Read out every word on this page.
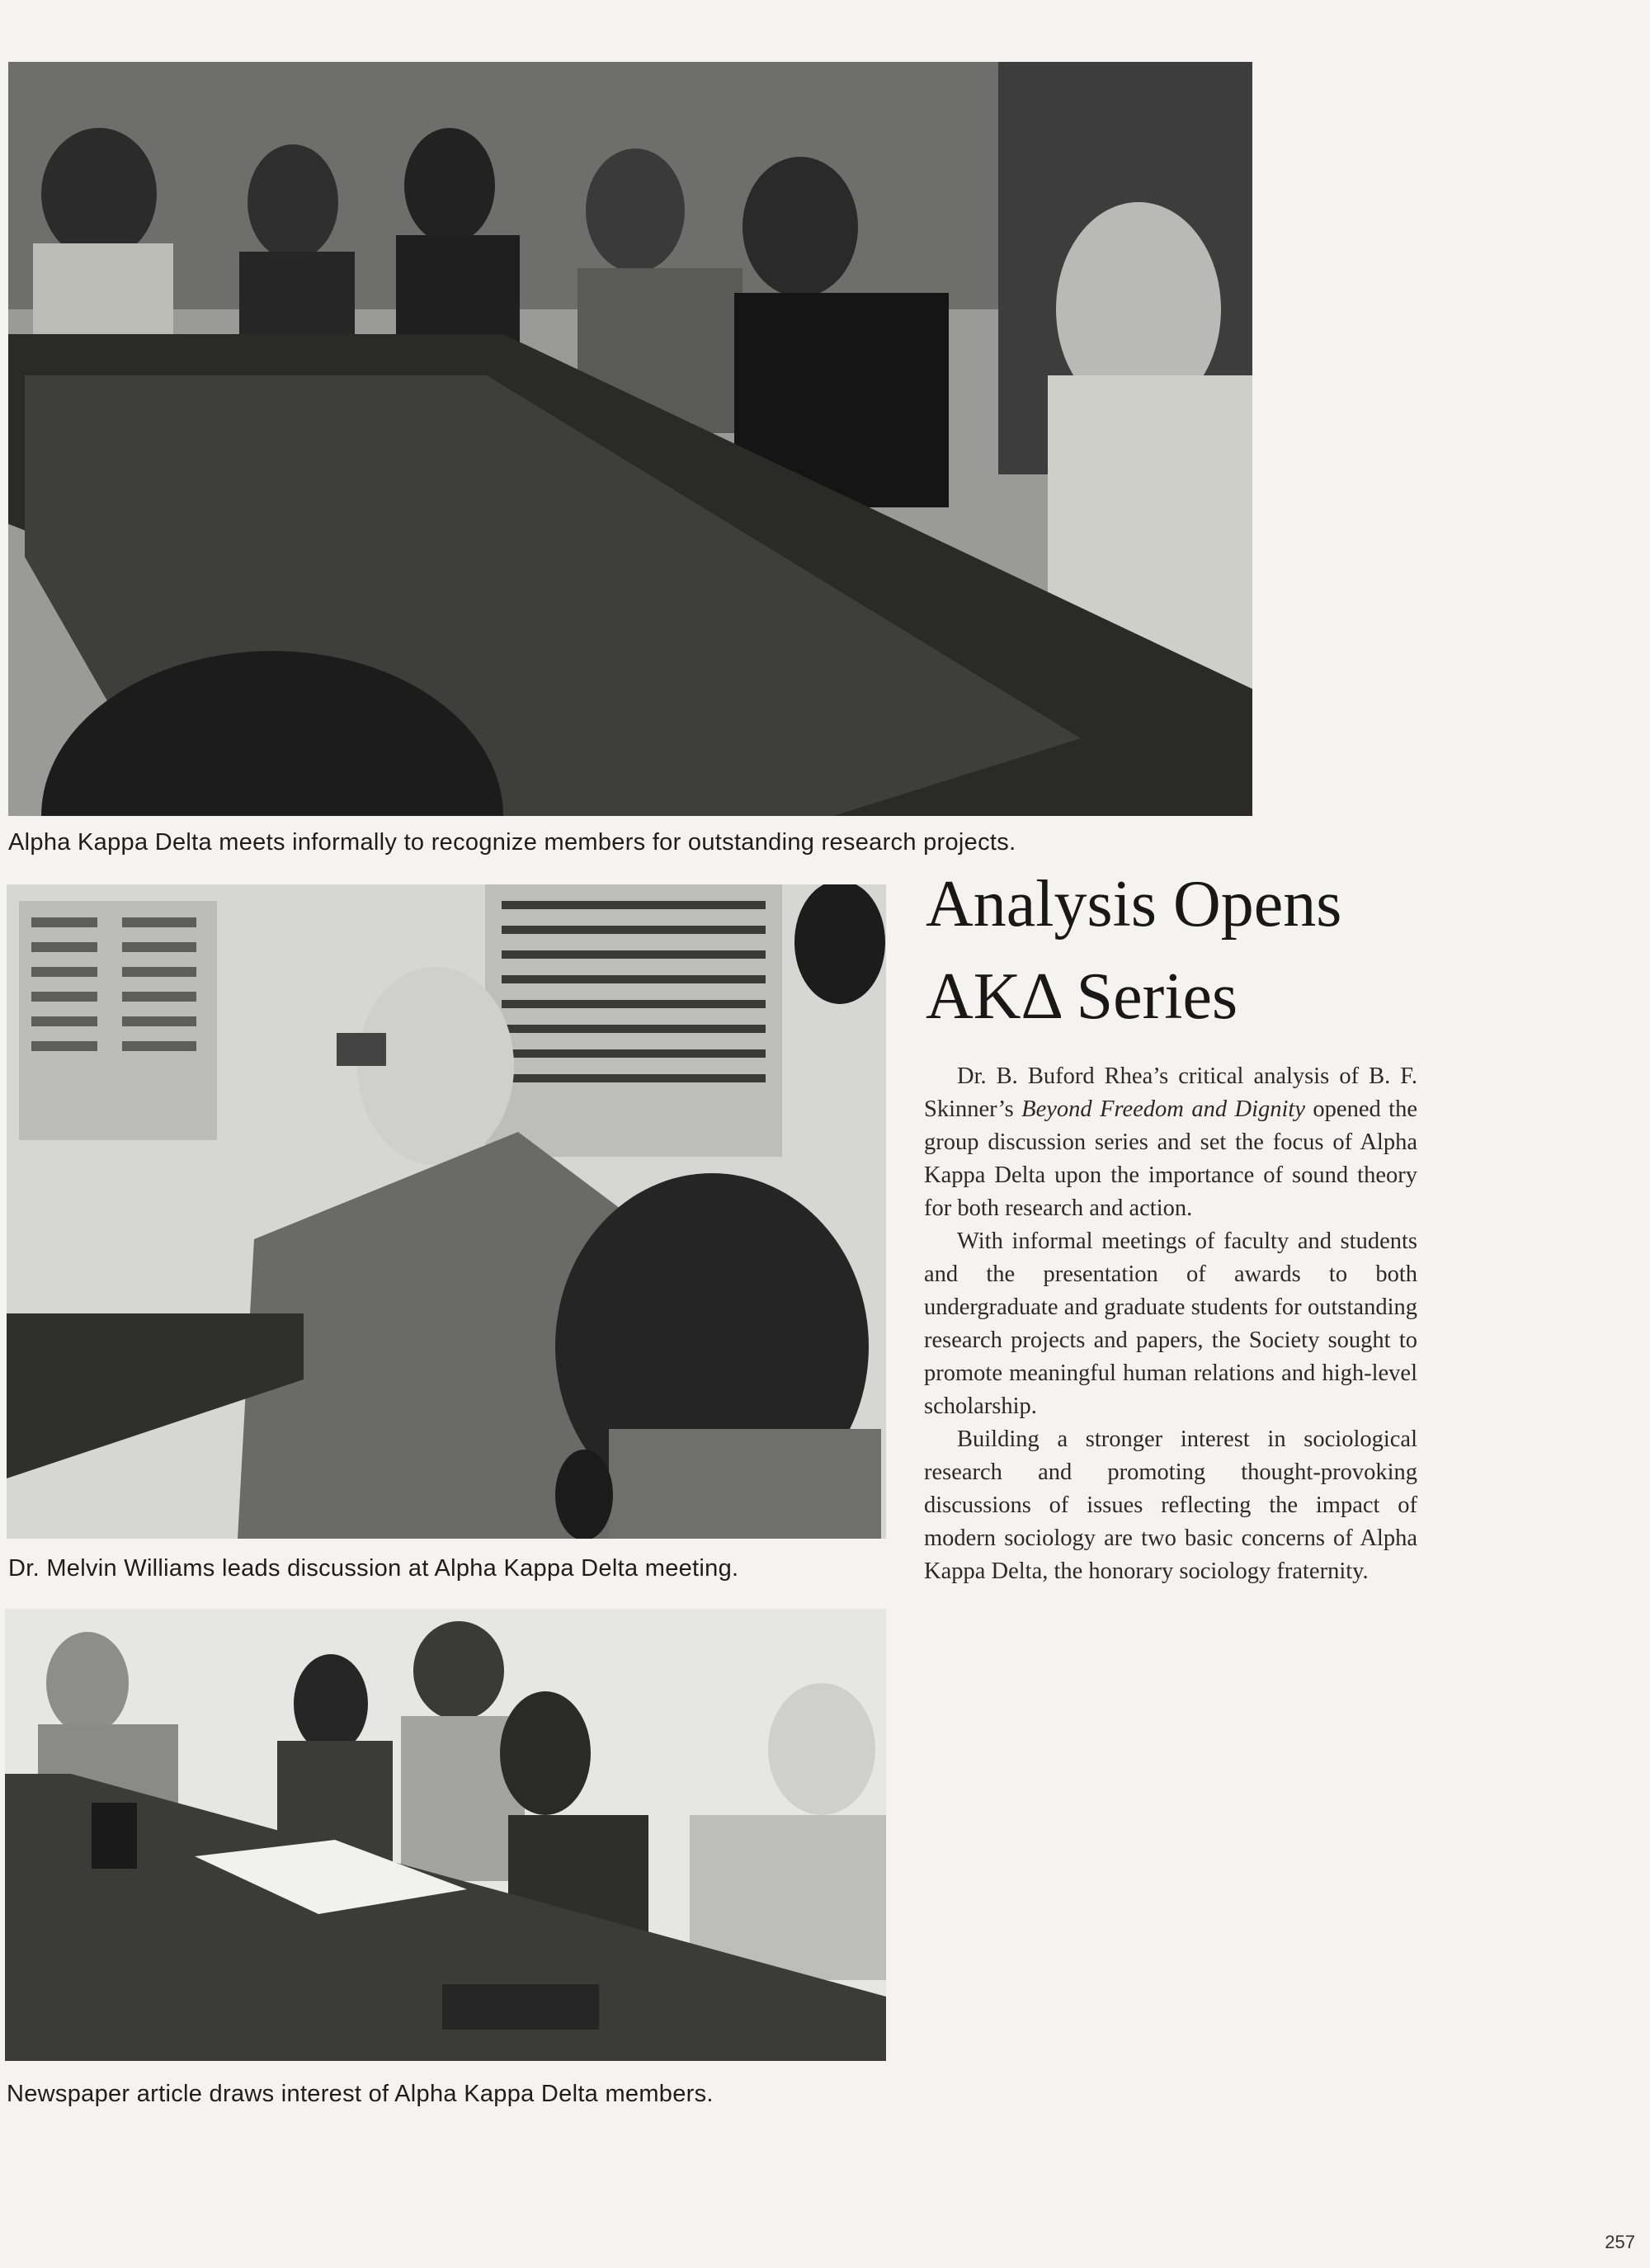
Alpha Kappa Delta meets informally to recognize members for outstanding research projects.

Dr. Melvin Williams leads discussion at Alpha Kappa Delta meeting.

Newspaper article draws interest of Alpha Kappa Delta members.

Analysis Opens
AKΔ Series

Dr. B. Buford Rhea’s critical analysis of B. F. Skinner’s Beyond Freedom and Dignity opened the group discussion series and set the focus of Alpha Kappa Delta upon the importance of sound theory for both research and action.

With informal meetings of faculty and students and the presentation of awards to both undergraduate and graduate students for outstanding research projects and papers, the Society sought to promote meaningful human relations and high-level scholarship.

Building a stronger interest in sociological research and promoting thought-provoking discussions of issues reflecting the impact of modern sociology are two basic concerns of Alpha Kappa Delta, the honorary sociology fraternity.

257
